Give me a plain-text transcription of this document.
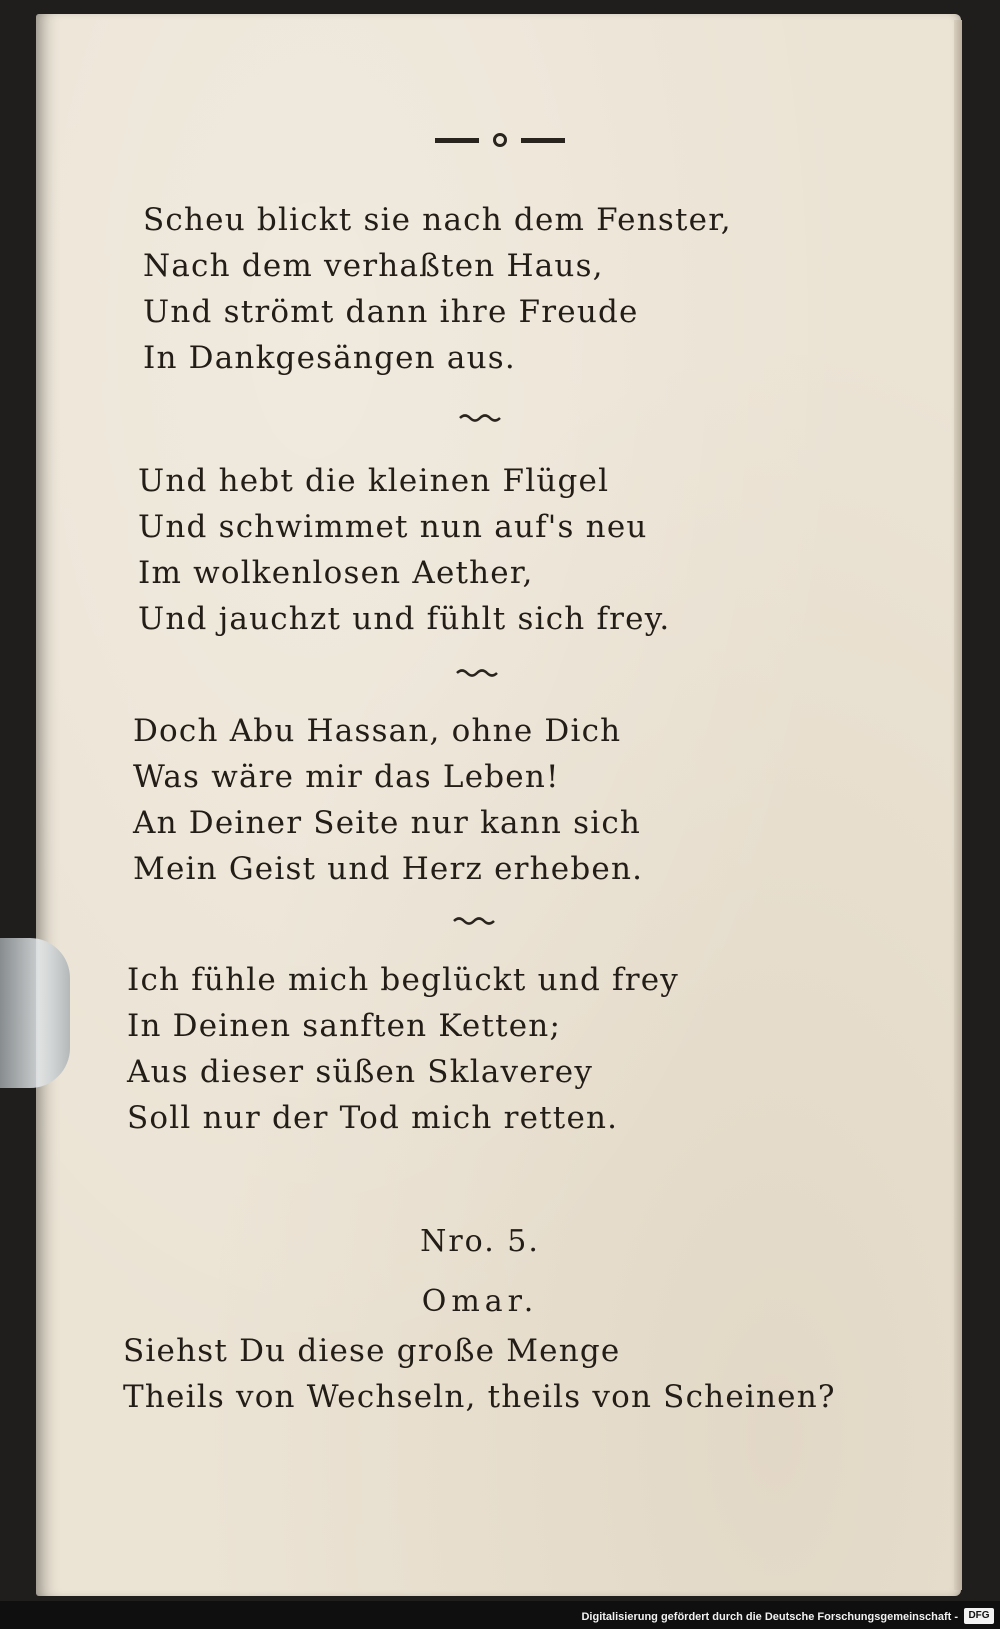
Scheu blickt sie nach dem Fenster,
Nach dem verhaßten Haus,
Und strömt dann ihre Freude
In Dankgesängen aus.
Und hebt die kleinen Flügel
Und schwimmet nun auf's neu
Im wolkenlosen Aether,
Und jauchzt und fühlt sich frey.
Doch Abu Hassan, ohne Dich
Was wäre mir das Leben!
An Deiner Seite nur kann sich
Mein Geist und Herz erheben.
Ich fühle mich beglückt und frey
In Deinen sanften Ketten;
Aus dieser süßen Sklaverey
Soll nur der Tod mich retten.
Nro. 5.
Omar.
Siehst Du diese große Menge
Theils von Wechseln, theils von Scheinen?
Digitalisierung gefördert durch die Deutsche Forschungsgemeinschaft -	DFG
